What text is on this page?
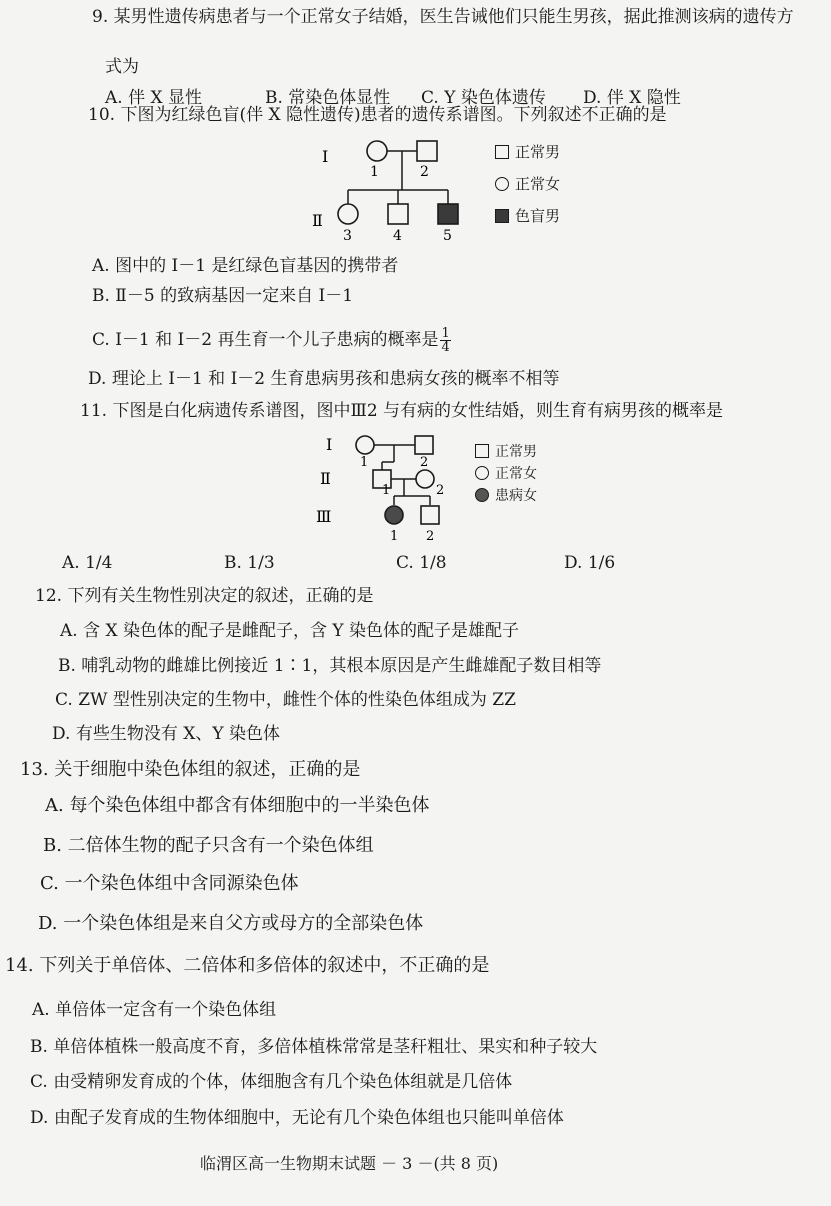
9. 某男性遗传病患者与一个正常女子结婚，医生告诫他们只能生男孩，据此推测该病的遗传方
式为
A. 伴 X 显性	B. 常染色体显性 C. Y 染色体遗传 D. 伴 X 隐性
10. 下图为红绿色盲(伴 X 隐性遗传)患者的遗传系谱图。下列叙述不正确的是
Ⅰ
Ⅱ
1	2
3	4	5
正常男
正常女
色盲男
A. 图中的 Ⅰ－1 是红绿色盲基因的携带者
B. Ⅱ－5 的致病基因一定来自 Ⅰ－1
C. Ⅰ－1 和 Ⅰ－2 再生育一个儿子患病的概率是 $\frac{1}{4}$
D. 理论上 Ⅰ－1 和 Ⅰ－2 生育患病男孩和患病女孩的概率不相等
11. 下图是白化病遗传系谱图，图中Ⅲ2 与有病的女性结婚，则生育有病男孩的概率是
Ⅰ
Ⅱ
Ⅲ
1	2
1	2
1 2
正常男
正常女
患病女
A. 1/4	B. 1/3	C. 1/8	D. 1/6
12. 下列有关生物性别决定的叙述，正确的是
A. 含 X 染色体的配子是雌配子，含 Y 染色体的配子是雄配子
B. 哺乳动物的雌雄比例接近 1∶1，其根本原因是产生雌雄配子数目相等
C. ZW 型性别决定的生物中，雌性个体的性染色体组成为 ZZ
D. 有些生物没有 X、Y 染色体
13. 关于细胞中染色体组的叙述，正确的是
A. 每个染色体组中都含有体细胞中的一半染色体
B. 二倍体生物的配子只含有一个染色体组
C. 一个染色体组中含同源染色体
D. 一个染色体组是来自父方或母方的全部染色体
14. 下列关于单倍体、二倍体和多倍体的叙述中，不正确的是
A. 单倍体一定含有一个染色体组
B. 单倍体植株一般高度不育，多倍体植株常常是茎秆粗壮、果实和种子较大
C. 由受精卵发育成的个体，体细胞含有几个染色体组就是几倍体
D. 由配子发育成的生物体细胞中，无论有几个染色体组也只能叫单倍体
临渭区高一生物期末试题 － 3 －(共 8 页)
